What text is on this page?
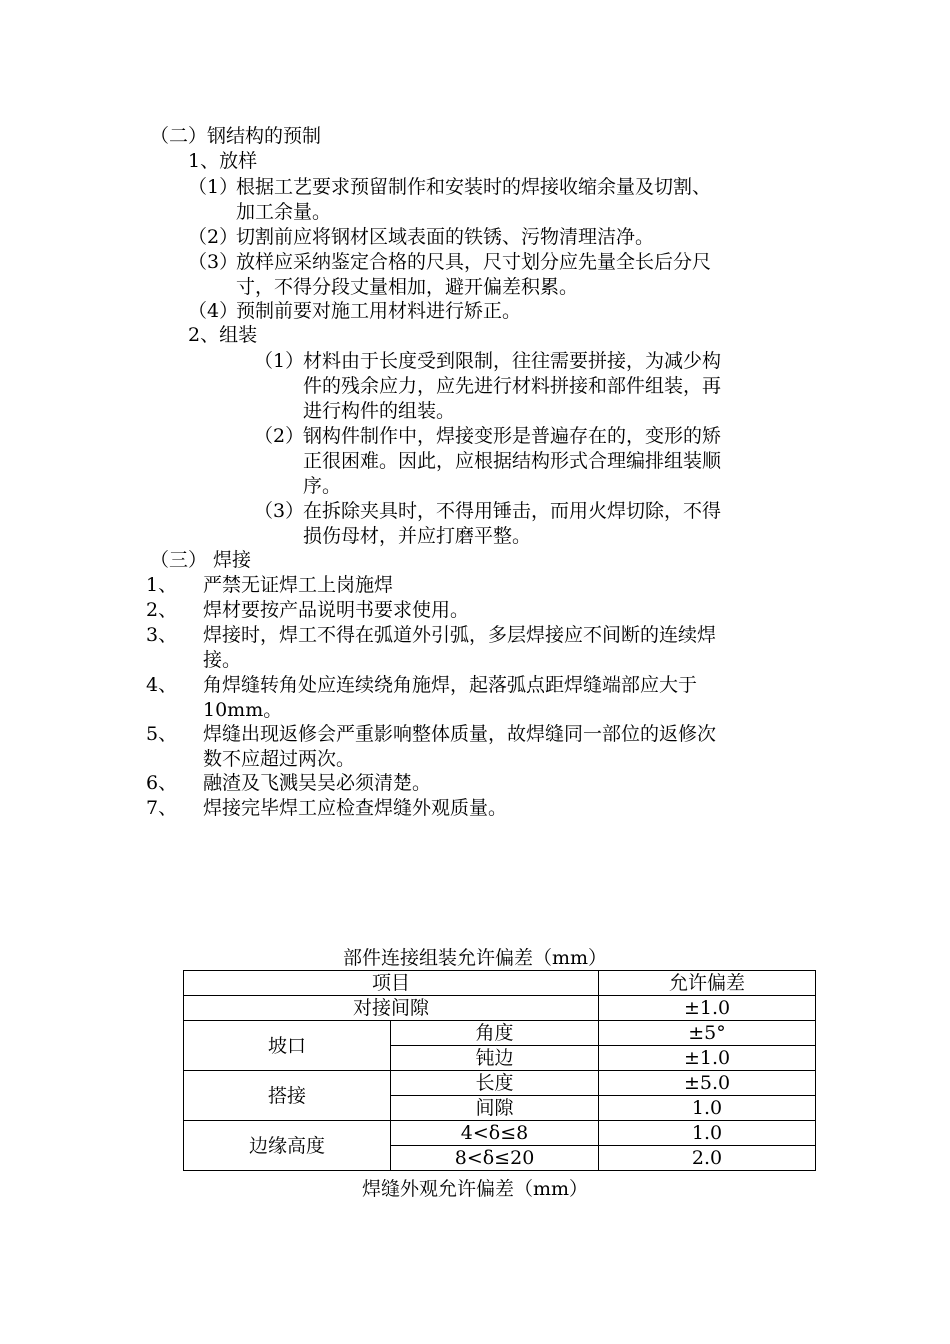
（二）钢结构的预制
1、放样
（1）
根据工艺要求预留制作和安装时的焊接收缩余量及切割、
加工余量。
（2）
切割前应将钢材区域表面的铁锈、污物清理洁净。
（3）
放样应采纳鉴定合格的尺具，尺寸划分应先量全长后分尺
寸，不得分段丈量相加，避开偏差积累。
（4）
预制前要对施工用材料进行矫正。
2、组装
（1）
材料由于长度受到限制，往往需要拼接，为减少构
件的残余应力，应先进行材料拼接和部件组装，再
进行构件的组装。
（2）
钢构件制作中，焊接变形是普遍存在的，变形的矫
正很困难。因此，应根据结构形式合理编排组装顺
序。
（3）
在拆除夹具时，不得用锤击，而用火焊切除，不得
损伤母材，并应打磨平整。
（三） 焊接
1、 严禁无证焊工上岗施焊
2、 焊材要按产品说明书要求使用。
3、 焊接时，焊工不得在弧道外引弧，多层焊接应不间断的连续焊
接。
4、 角焊缝转角处应连续绕角施焊，起落弧点距焊缝端部应大于
10mm。
5、 焊缝出现返修会严重影响整体质量，故焊缝同一部位的返修次
数不应超过两次。
6、 融渣及飞溅吴吴必须清楚。
7、 焊接完毕焊工应检查焊缝外观质量。
部件连接组装允许偏差（mm）
项目		允许偏差
对接间隙		±1.0
坡口	角度	±5°
	钝边	±1.0
搭接	长度	±5.0
	间隙	1.0
边缘高度	4<δ≤8	1.0
	8<δ≤20	2.0
焊缝外观允许偏差（mm）
